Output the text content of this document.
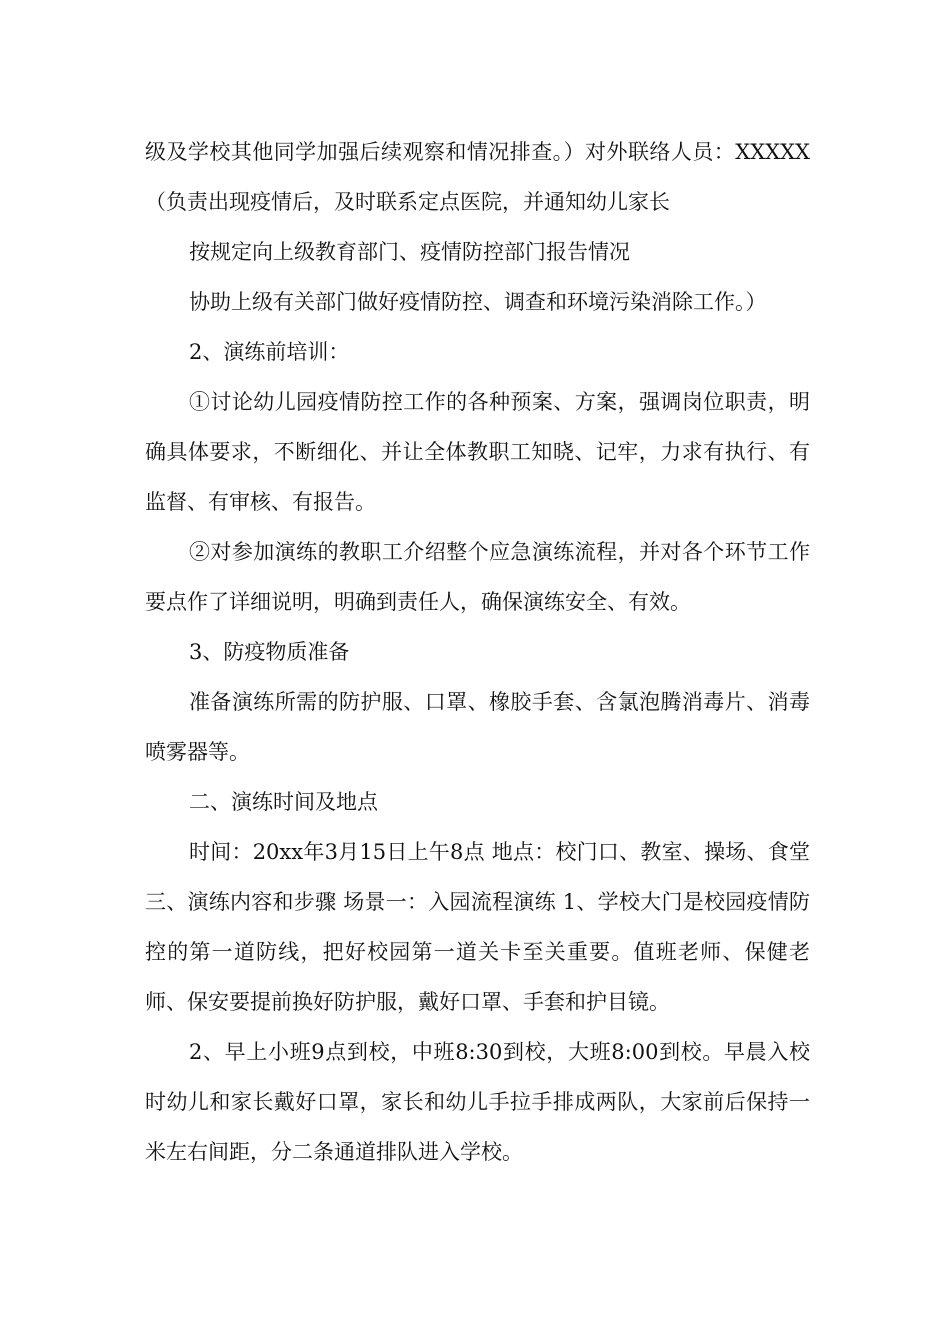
级及学校其他同学加强后续观察和情况排查。）对外联络人员：XXXXX（负责出现疫情后，及时联系定点医院，并通知幼儿家长

按规定向上级教育部门、疫情防控部门报告情况

协助上级有关部门做好疫情防控、调查和环境污染消除工作。）

2、演练前培训：

①讨论幼儿园疫情防控工作的各种预案、方案，强调岗位职责，明确具体要求，不断细化、并让全体教职工知晓、记牢，力求有执行、有监督、有审核、有报告。

②对参加演练的教职工介绍整个应急演练流程，并对各个环节工作要点作了详细说明，明确到责任人，确保演练安全、有效。

3、防疫物质准备

准备演练所需的防护服、口罩、橡胶手套、含氯泡腾消毒片、消毒喷雾器等。

二、演练时间及地点

时间：20xx年3月15日上午8点 地点：校门口、教室、操场、食堂 三、演练内容和步骤 场景一：入园流程演练 1、学校大门是校园疫情防控的第一道防线，把好校园第一道关卡至关重要。值班老师、保健老师、保安要提前换好防护服，戴好口罩、手套和护目镜。

2、早上小班9点到校，中班8:30到校，大班8:00到校。早晨入校时幼儿和家长戴好口罩，家长和幼儿手拉手排成两队，大家前后保持一米左右间距，分二条通道排队进入学校。
